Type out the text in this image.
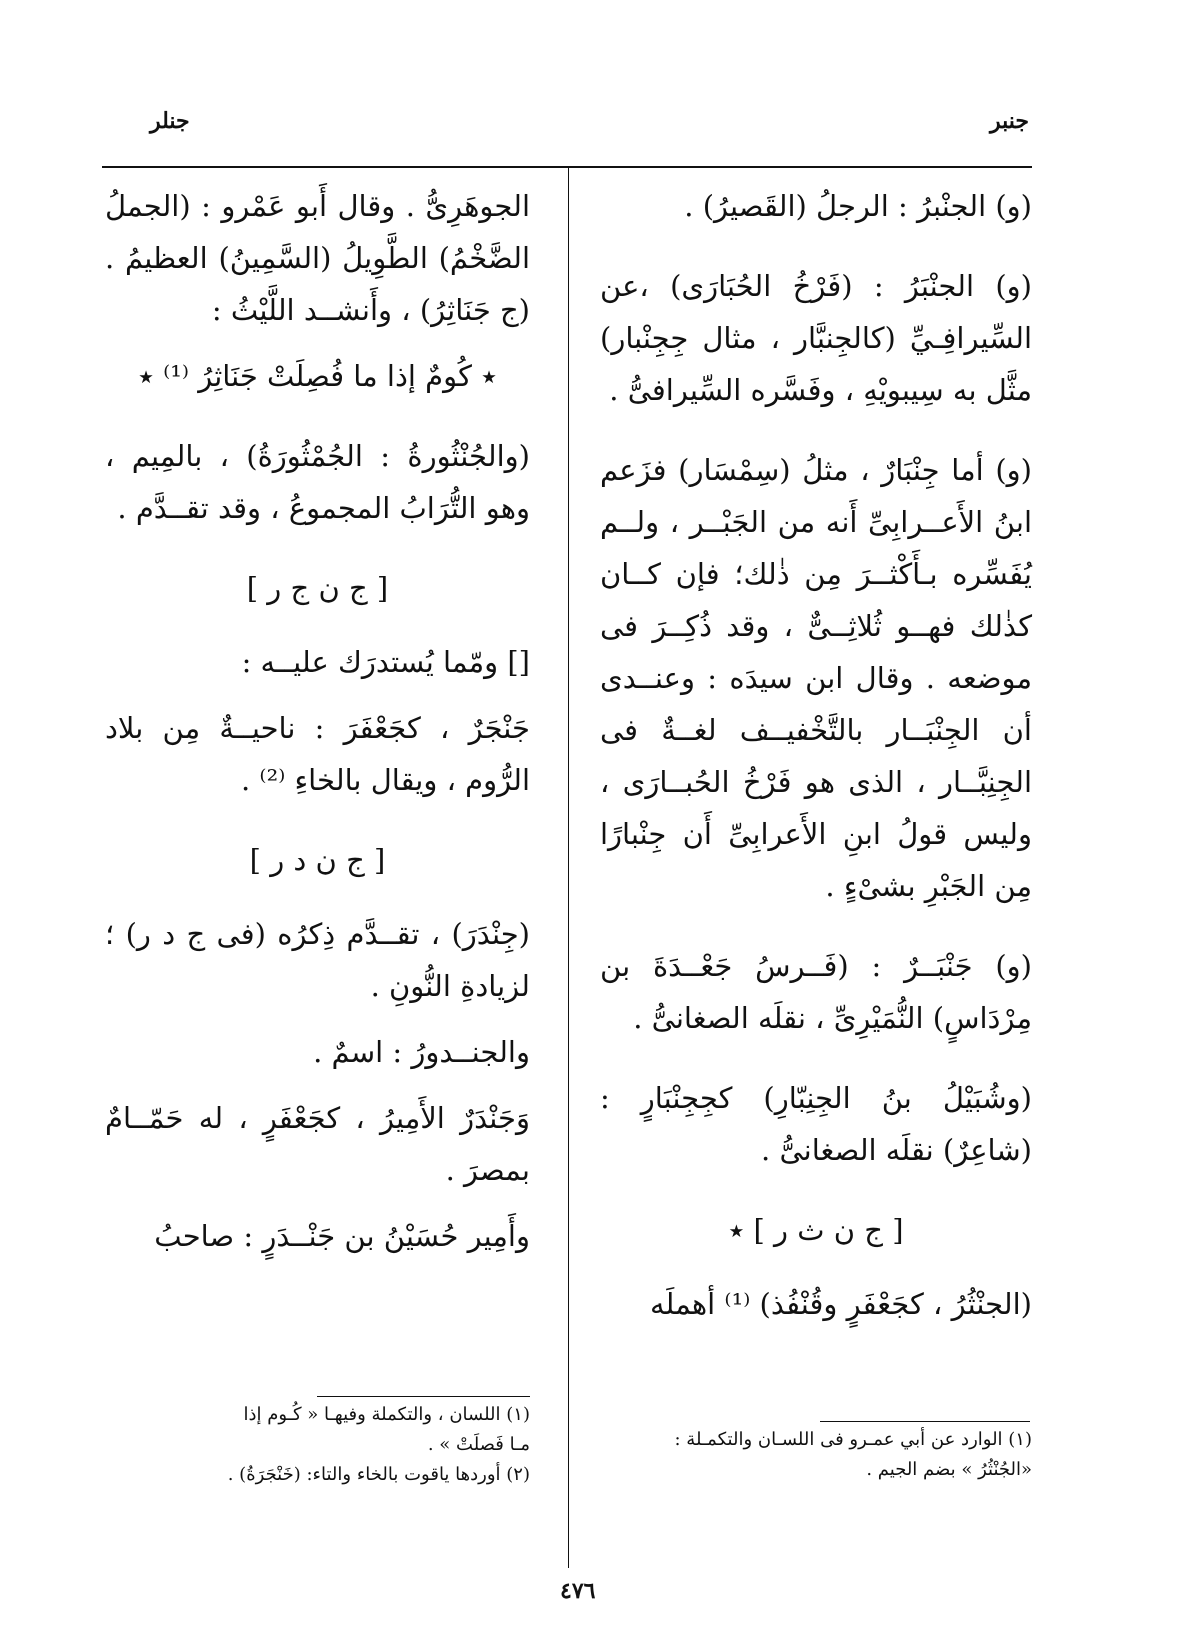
جنبر
جنلر

(و) الجنْبرُ : الرجلُ (القَصيرُ) .

(و) الجنْبَرُ : (فَرْخُ الحُبَارَى) ،عن السِّيرافِـيِّ (كالجِنبَّار ، مثال جِجِنْبار) مثَّل به سِيبويْهِ ، وفَسَّره السِّيرافىُّ .

(و) أما جِنْبَارٌ ، مثلُ (سِمْسَار) فزَعم ابنُ الأَعــرابِىِّ أَنه من الجَبْــر ، ولــم يُفَسِّره بـأَكْثــرَ مِن ذٰلك؛ فإن كــان كذٰلك فهــو ثُلاثِــىٌّ ، وقد ذُكِــرَ فى موضعه . وقال ابن سيدَه : وعنــدى أن الجِنْبَــار بالتَّخْفيــف لغــةٌ فى الجِنِبَّــار ، الذى هو فَرْخُ الحُبــارَى ، وليس قولُ ابنِ الأَعرابِىِّ أَن جِنْبارًا مِن الجَبْرِ بشىْءٍ .

(و) جَنْبَــرٌ : (فَــرسُ جَعْــدَةَ بن مِرْدَاسٍ) النُّمَيْرِىِّ ، نقلَه الصغانىُّ .

(وشُبَيْلُ بنُ الجِنِبّارِ) كجِجِنْبَارٍ : (شاعِرٌ) نقلَه الصغانىُّ .

[ ج ن ث ر ] ٭

(الجنْثُرُ ، كجَعْفَرٍ وقُنْفُذ) ⁽¹⁾ أهملَه

الجوهَرِىُّ . وقال أَبو عَمْرو : (الجملُ الضَّخْمُ) الطَّوِيلُ (السَّمِينُ) العظيمُ . (ج جَنَاثِرُ) ، وأَنشــد اللَّيْثُ :

٭ كُومٌ إذا ما فُصِلَتْ جَنَاثِرُ ⁽¹⁾ ٭

(والجُنْثُورةُ : الجُمْثُورَةُ) ، بالمِيم ، وهو التُّرَابُ المجموعُ ، وقد تقــدَّم .

[ ج ن ج ر ]

[] ومّما يُستدرَك عليــه :

جَنْجَرٌ ، كجَعْفَرَ : ناحيــةٌ مِن بلاد الرُّوم ، ويقال بالخاءِ ⁽²⁾ .

[ ج ن د ر ]

(جِنْدَرَ) ، تقــدَّم ذِكرُه (فى ج د ر) ؛ لزيادةِ النُّونِ .

والجنــدورُ : اسمٌ .

وَجَنْدَرٌ الأَمِيرُ ، كجَعْفَرٍ ، له حَمّــامٌ بمصرَ .

وأَمِير حُسَيْنُ بن جَنْــدَرٍ : صاحبُ

(١) الوارد عن أبي عمـرو فى اللسـان والتكمـلة :
«الجُنْثُرُ » بضم الجيم .
(١) اللسان ، والتكملة وفيهـا « كُـوم إذا
مـا فَصلَتْ » .
(٢) أوردها ياقوت بالخاء والتاء: (خَنْجَرَةُ) .
٤٧٦
